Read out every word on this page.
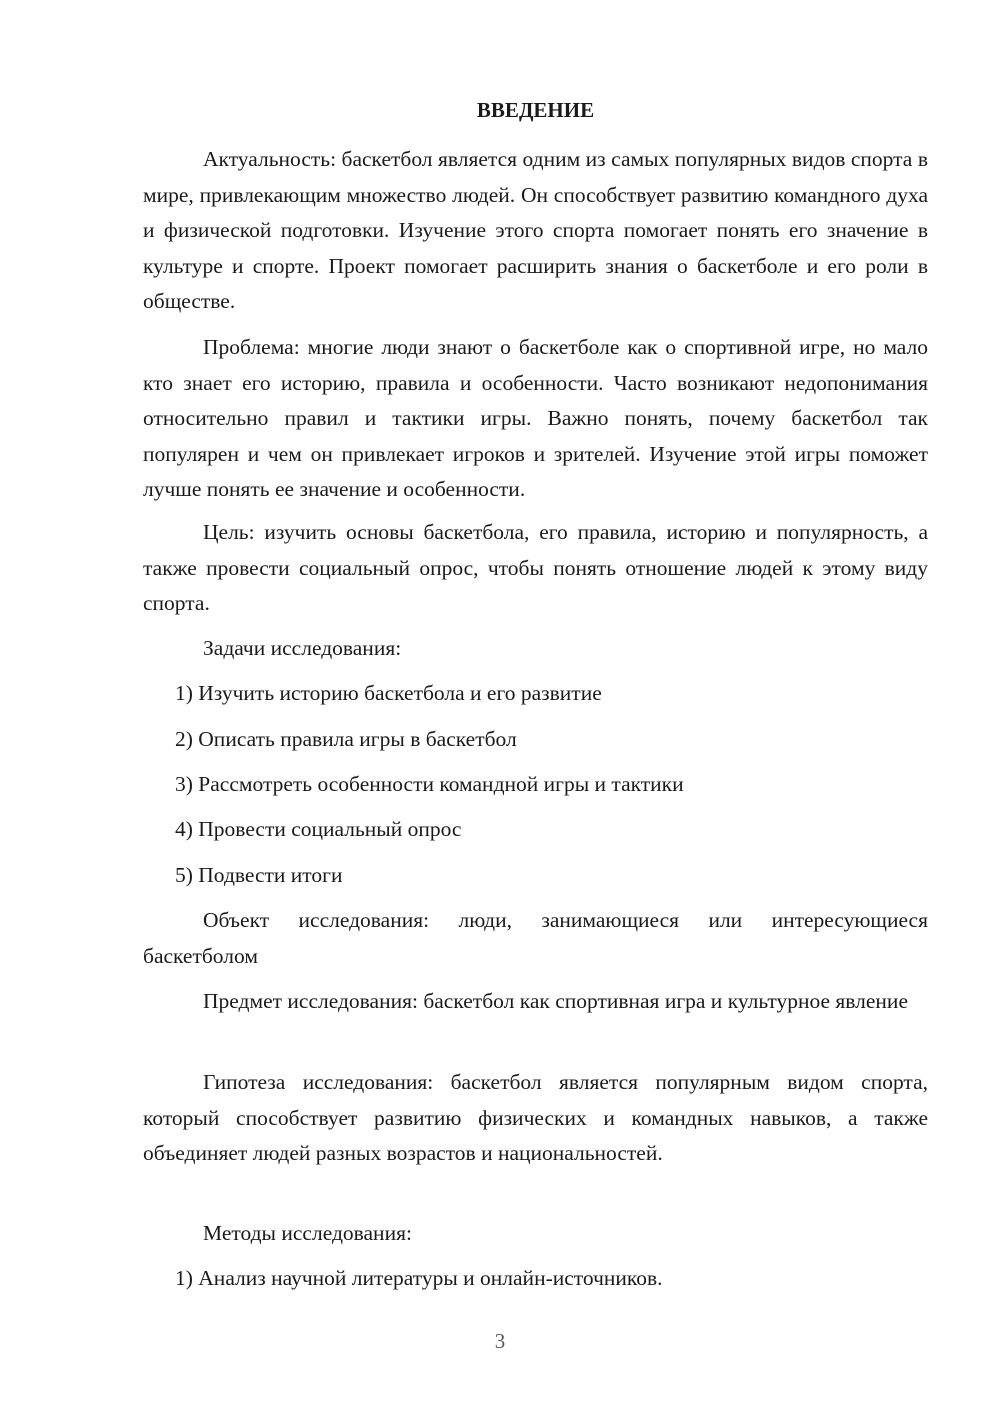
ВВЕДЕНИЕ

Актуальность: баскетбол является одним из самых популярных видов спорта в мире, привлекающим множество людей. Он способствует развитию командного духа и физической подготовки. Изучение этого спорта помогает понять его значение в культуре и спорте. Проект помогает расширить знания о баскетболе и его роли в обществе.

Проблема: многие люди знают о баскетболе как о спортивной игре, но мало кто знает его историю, правила и особенности. Часто возникают недопонимания относительно правил и тактики игры. Важно понять, почему баскетбол так популярен и чем он привлекает игроков и зрителей. Изучение этой игры поможет лучше понять ее значение и особенности.

Цель: изучить основы баскетбола, его правила, историю и популярность, а также провести социальный опрос, чтобы понять отношение людей к этому виду спорта.

Задачи исследования:

1) Изучить историю баскетбола и его развитие
2) Описать правила игры в баскетбол
3) Рассмотреть особенности командной игры и тактики
4) Провести социальный опрос
5) Подвести итоги

Объект исследования: люди, занимающиеся или интересующиеся баскетболом

Предмет исследования: баскетбол как спортивная игра и культурное явление

Гипотеза исследования: баскетбол является популярным видом спорта, который способствует развитию физических и командных навыков, а также объединяет людей разных возрастов и национальностей.

Методы исследования:

1) Анализ научной литературы и онлайн-источников.
3
